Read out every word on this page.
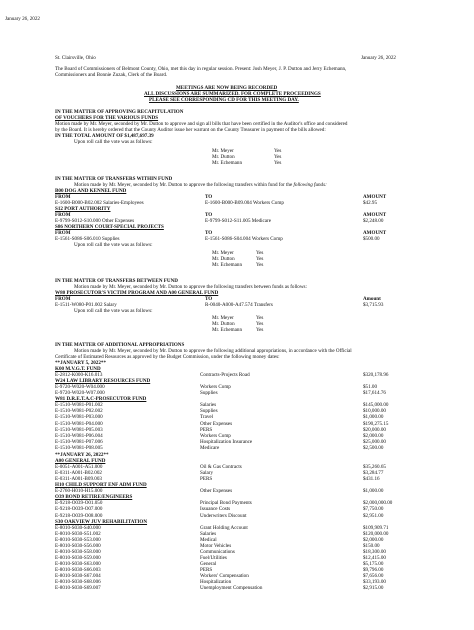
January 26, 2022
St. Clairsville, Ohio	January 26, 2022
The Board of Commissioners of Belmont County, Ohio, met this day in regular session. Present: Josh Meyer, J. P. Dutton and Jerry Echemann,
Commissioners and Bonnie Zuzak, Clerk of the Board.
MEETINGS ARE NOW BEING RECORDED
ALL DISCUSSIONS ARE SUMMARIZED. FOR COMPLETE PROCEEDINGS
PLEASE SEE CORRESPONDING CD FOR THIS MEETING DAY.
IN THE MATTER OF APPROVING RECAPITULATION
OF VOUCHERS FOR THE VARIOUS FUNDS
Motion made by Mr. Meyer, seconded by Mr. Dutton to approve and sign all bills that have been certified in the Auditor's office and considered
by the Board. It is hereby ordered that the County Auditor issue her warrant on the County Treasurer in payment of the bills allowed:
IN THE TOTAL AMOUNT OF $1,487,697.39
Upon roll call the vote was as follows:
Mr. Meyer	Yes
Mr. Dutton	Yes
Mr. Echemann	Yes
IN THE MATTER OF TRANSFERS WITHIN FUND
Motion made by Mr. Meyer, seconded by Mr. Dutton to approve the following transfers within fund for the following funds:
B00 DOG AND KENNEL FUND
FROM	TO	AMOUNT
E-1600-B000-B02.002 Salaries-Employees	E-1600-B000-B09.004 Workers Comp	$42.95
S12 PORT AUTHORITY
FROM	TO	AMOUNT
E-9799-S012-S10.000 Other Expenses	E-9799-S012-S11.005 Medicare	$2,248.00
S86 NORTHERN COURT-SPECIAL PROJECTS
FROM	TO	AMOUNT
E-1561-S086-S06.010 Supplies	E-1561-S086-S04.004 Workers Comp	$500.00
Upon roll call the vote was as follows:
Mr. Meyer	Yes
Mr. Dutton	Yes
Mr. Echemann	Yes
IN THE MATTER OF TRANSFERS BETWEEN FUND
Motion made by Mr. Meyer, seconded by Mr. Dutton to approve the following transfers between funds as follows:
W80 PROSECUTOR'S VICTIM PROGRAM AND A00 GENERAL FUND
FROM	TO	Amount
E-1511-W080-P01.002 Salary	R-0040-A000-A47.574 Transfers	$3,715.93
Upon roll call the vote was as follows:
Mr. Meyer	Yes
Mr. Dutton	Yes
Mr. Echemann	Yes
IN THE MATTER OF ADDITIONAL APPROPRIATIONS
Motion made by Mr. Meyer, seconded by Mr. Dutton to approve the following additional appropriations, in accordance with the Official
Certificate of Estimated Resources as approved by the Budget Commission, under the following money dates:
**JANUARY 5, 2022**
K00 M.V.G.T. FUND
E-2812-K000-K16.013	Contracts-Projects Road	$320,178.96
W24 LAW LIBRARY RESOURCES FUND
E-9720-W020-W04.000	Workers Comp	$51.00
E-9720-W020-W07.000	Supplies	$17,614.76
W81 D.R.E.T.A.C-PROSECUTOR FUND
E-1510-W081-P01.002	Salaries	$145,000.00
E-1510-W081-P02.002	Supplies	$10,000.00
E-1510-W081-P03.000	Travel	$1,000.00
E-1510-W081-P04.000	Other Expenses	$190,275.15
E-1510-W081-P05.003	PERS	$20,000.00
E-1510-W081-P06.004	Workers Comp	$2,000.00
E-1510-W081-P07.006	Hospitalization Insurance	$25,000.00
E-1510-W081-P08.005	Medicare	$2,500.00
**JANUARY 26, 2022**
A00 GENERAL FUND
E-0051-A001-A51.000	Oil & Gas Contracts	$35,260.65
E-0311-A001-B02.002	Salary	$3,284.77
E-0311-A001-B09.003	PERS	$431.16
H10 CHILD SUPPORT ENF ADM FUND
E-2760-H010-H15.000	Other Expenses	$1,000.00
O39 BOND RETIRE/ENGINEERS
E-9218-O039-O01.050	Principal Bond Payments	$2,000,000.00
E-9218-O039-O07.000	Issuance Costs	$7,750.00
E-9218-O039-O08.000	Underwriters Discount	$2,951.00
S30 OAKVIEW JUV REHABILITATION
E-8010-S030-S40.000	Grant Holding Account	$109,909.71
E-8010-S030-S51.002	Salaries	$120,000.00
E-8010-S030-S53.000	Medical	$2,000.00
E-8010-S030-S56.000	Motor Vehicles	$150.00
E-8010-S030-S58.000	Communications	$18,300.00
E-8010-S030-S59.000	Fuel/Utilities	$12,415.00
E-8010-S030-S63.000	General	$5,175.00
E-8010-S030-S66.003	PERS	$9,796.00
E-8010-S030-S67.004	Workers' Compensation	$7,656.00
E-8010-S030-S68.006	Hospitalization	$33,193.00
E-8010-S030-S69.007	Unemployment Compensation	$2,915.00
